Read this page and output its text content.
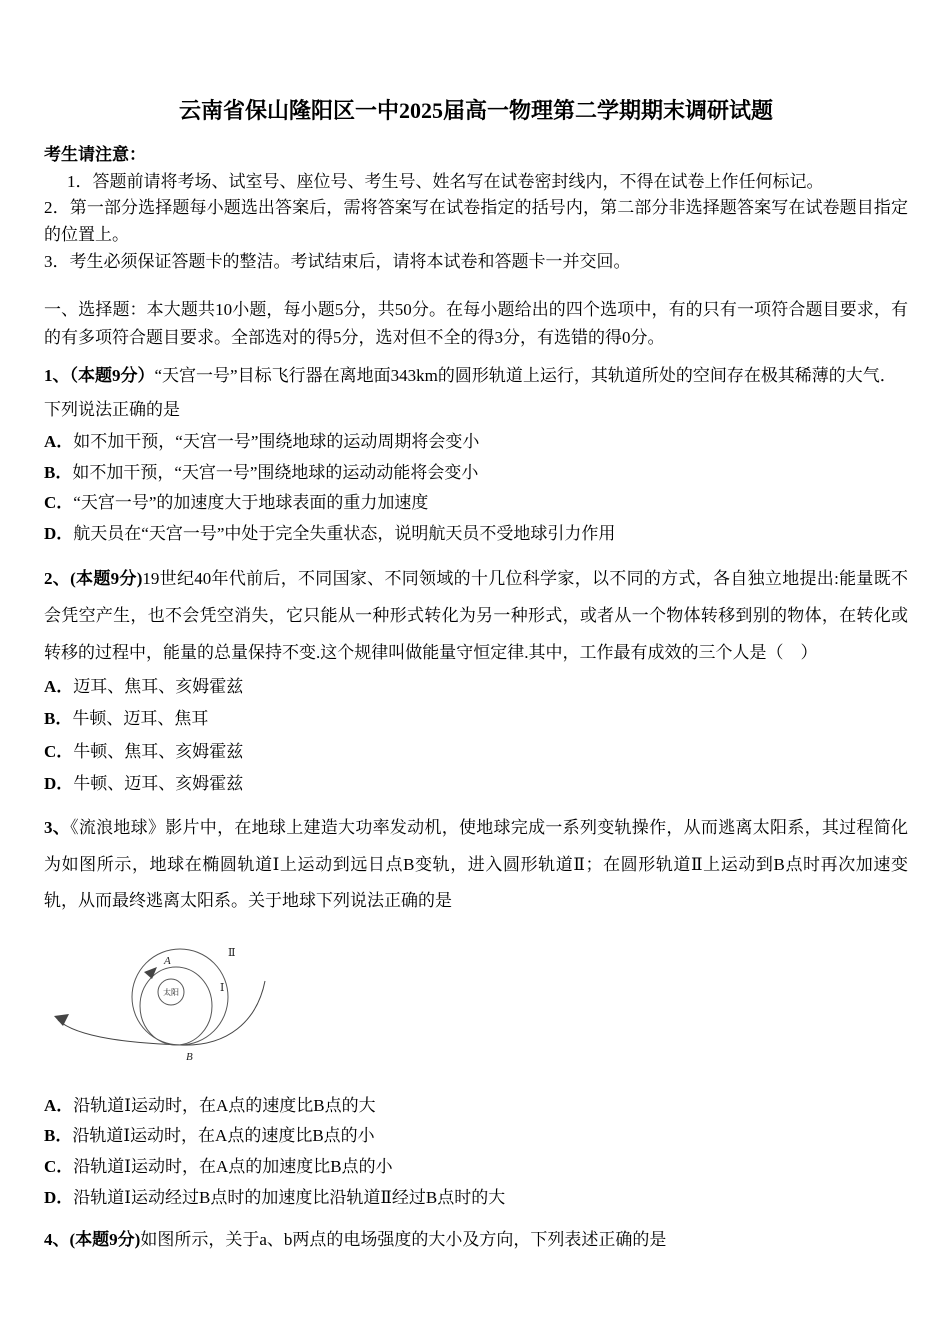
云南省保山隆阳区一中2025届高一物理第二学期期末调研试题

考生请注意：

1．答题前请将考场、试室号、座位号、考生号、姓名写在试卷密封线内，不得在试卷上作任何标记。

2．第一部分选择题每小题选出答案后，需将答案写在试卷指定的括号内，第二部分非选择题答案写在试卷题目指定的位置上。

3．考生必须保证答题卡的整洁。考试结束后，请将本试卷和答题卡一并交回。

一、选择题：本大题共10小题，每小题5分，共50分。在每小题给出的四个选项中，有的只有一项符合题目要求，有的有多项符合题目要求。全部选对的得5分，选对但不全的得3分，有选错的得0分。

1、（本题9分）“天宫一号”目标飞行器在离地面343km的圆形轨道上运行，其轨道所处的空间存在极其稀薄的大气．

下列说法正确的是

A．如不加干预，“天宫一号”围绕地球的运动周期将会变小

B．如不加干预，“天宫一号”围绕地球的运动动能将会变小

C．“天宫一号”的加速度大于地球表面的重力加速度

D．航天员在“天宫一号”中处于完全失重状态，说明航天员不受地球引力作用

2、(本题9分)19世纪40年代前后，不同国家、不同领域的十几位科学家，以不同的方式，各自独立地提出:能量既不会凭空产生，也不会凭空消失，它只能从一种形式转化为另一种形式，或者从一个物体转移到别的物体，在转化或转移的过程中，能量的总量保持不变.这个规律叫做能量守恒定律.其中，工作最有成效的三个人是（　）

A．迈耳、焦耳、亥姆霍兹

B．牛顿、迈耳、焦耳

C．牛顿、焦耳、亥姆霍兹

D．牛顿、迈耳、亥姆霍兹

3、《流浪地球》影片中，在地球上建造大功率发动机，使地球完成一系列变轨操作，从而逃离太阳系，其过程简化为如图所示，地球在椭圆轨道Ⅰ上运动到远日点B变轨，进入圆形轨道Ⅱ；在圆形轨道Ⅱ上运动到B点时再次加速变轨，从而最终逃离太阳系。关于地球下列说法正确的是

太阳
A
Ⅱ
Ⅰ
B

A．沿轨道Ⅰ运动时，在A点的速度比B点的大

B．沿轨道Ⅰ运动时，在A点的速度比B点的小

C．沿轨道Ⅰ运动时，在A点的加速度比B点的小

D．沿轨道Ⅰ运动经过B点时的加速度比沿轨道Ⅱ经过B点时的大

4、(本题9分)如图所示，关于a、b两点的电场强度的大小及方向，下列表述正确的是
